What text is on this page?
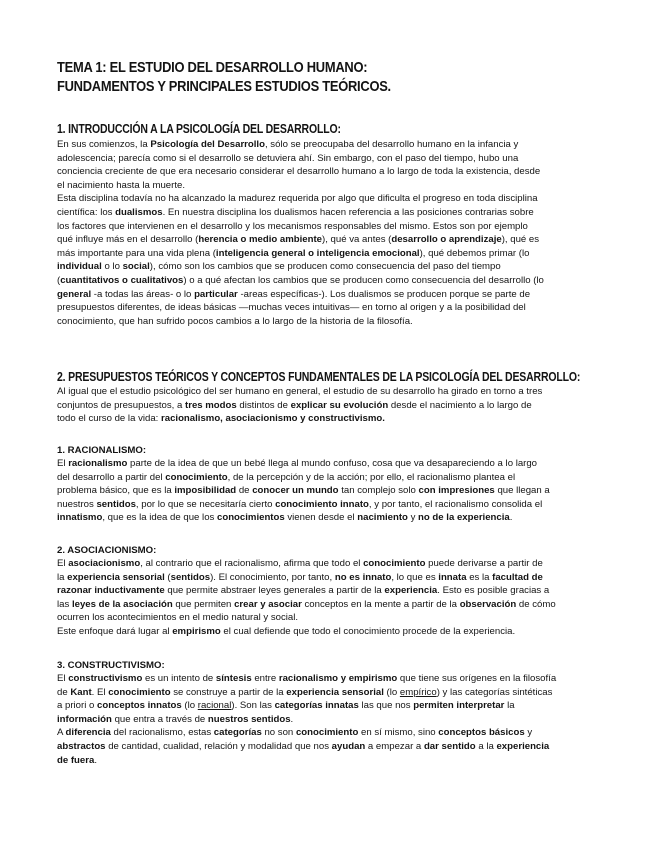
TEMA 1: EL ESTUDIO DEL DESARROLLO HUMANO:
FUNDAMENTOS Y PRINCIPALES ESTUDIOS TEÓRICOS.
1. INTRODUCCIÓN A LA PSICOLOGÍA DEL DESARROLLO:

En sus comienzos, la Psicología del Desarrollo, sólo se preocupaba del desarrollo humano en la infancia y
adolescencia; parecía como si el desarrollo se detuviera ahí. Sin embargo, con el paso del tiempo, hubo una
conciencia creciente de que era necesario considerar el desarrollo humano a lo largo de toda la existencia, desde
el nacimiento hasta la muerte.

Esta disciplina todavía no ha alcanzado la madurez requerida por algo que dificulta el progreso en toda disciplina
científica: los dualismos. En nuestra disciplina los dualismos hacen referencia a las posiciones contrarias sobre
los factores que intervienen en el desarrollo y los mecanismos responsables del mismo. Estos son por ejemplo
qué influye más en el desarrollo (herencia o medio ambiente), qué va antes (desarrollo o aprendizaje), qué es
más importante para una vida plena (inteligencia general o inteligencia emocional), qué debemos primar (lo
individual o lo social), cómo son los cambios que se producen como consecuencia del paso del tiempo
(cuantitativos o cualitativos) o a qué afectan los cambios que se producen como consecuencia del desarrollo (lo
general -a todas las áreas- o lo particular -areas específicas-). Los dualismos se producen porque se parte de
presupuestos diferentes, de ideas básicas —muchas veces intuitivas— en torno al origen y a la posibilidad del
conocimiento, que han sufrido pocos cambios a lo largo de la historia de la filosofía.

2. PRESUPUESTOS TEÓRICOS Y CONCEPTOS FUNDAMENTALES DE LA PSICOLOGÍA DEL DESARROLLO:

Al igual que el estudio psicológico del ser humano en general, el estudio de su desarrollo ha girado en torno a tres
conjuntos de presupuestos, a tres modos distintos de explicar su evolución desde el nacimiento a lo largo de
todo el curso de la vida: racionalismo, asociacionismo y constructivismo.

1. RACIONALISMO:

El racionalismo parte de la idea de que un bebé llega al mundo confuso, cosa que va desapareciendo a lo largo
del desarrollo a partir del conocimiento, de la percepción y de la acción; por ello, el racionalismo plantea el
problema básico, que es la imposibilidad de conocer un mundo tan complejo solo con impresiones que llegan a
nuestros sentidos, por lo que se necesitaría cierto conocimiento innato, y por tanto, el racionalismo consolida el
innatismo, que es la idea de que los conocimientos vienen desde el nacimiento y no de la experiencia.

2. ASOCIACIONISMO:

El asociacionismo, al contrario que el racionalismo, afirma que todo el conocimiento puede derivarse a partir de
la experiencia sensorial (sentidos). El conocimiento, por tanto, no es innato, lo que es innata es la facultad de
razonar inductivamente que permite abstraer leyes generales a partir de la experiencia. Esto es posible gracias a
las leyes de la asociación que permiten crear y asociar conceptos en la mente a partir de la observación de cómo
ocurren los acontecimientos en el medio natural y social.
Este enfoque dará lugar al empirismo el cual defiende que todo el conocimiento procede de la experiencia.

3. CONSTRUCTIVISMO:

El constructivismo es un intento de síntesis entre racionalismo y empirismo que tiene sus orígenes en la filosofía
de Kant. El conocimiento se construye a partir de la experiencia sensorial (lo empírico) y las categorías sintéticas
a priori o conceptos innatos (lo racional). Son las categorías innatas las que nos permiten interpretar la
información que entra a través de nuestros sentidos.
A diferencia del racionalismo, estas categorías no son conocimiento en sí mismo, sino conceptos básicos y
abstractos de cantidad, cualidad, relación y modalidad que nos ayudan a empezar a dar sentido a la experiencia
de fuera.
